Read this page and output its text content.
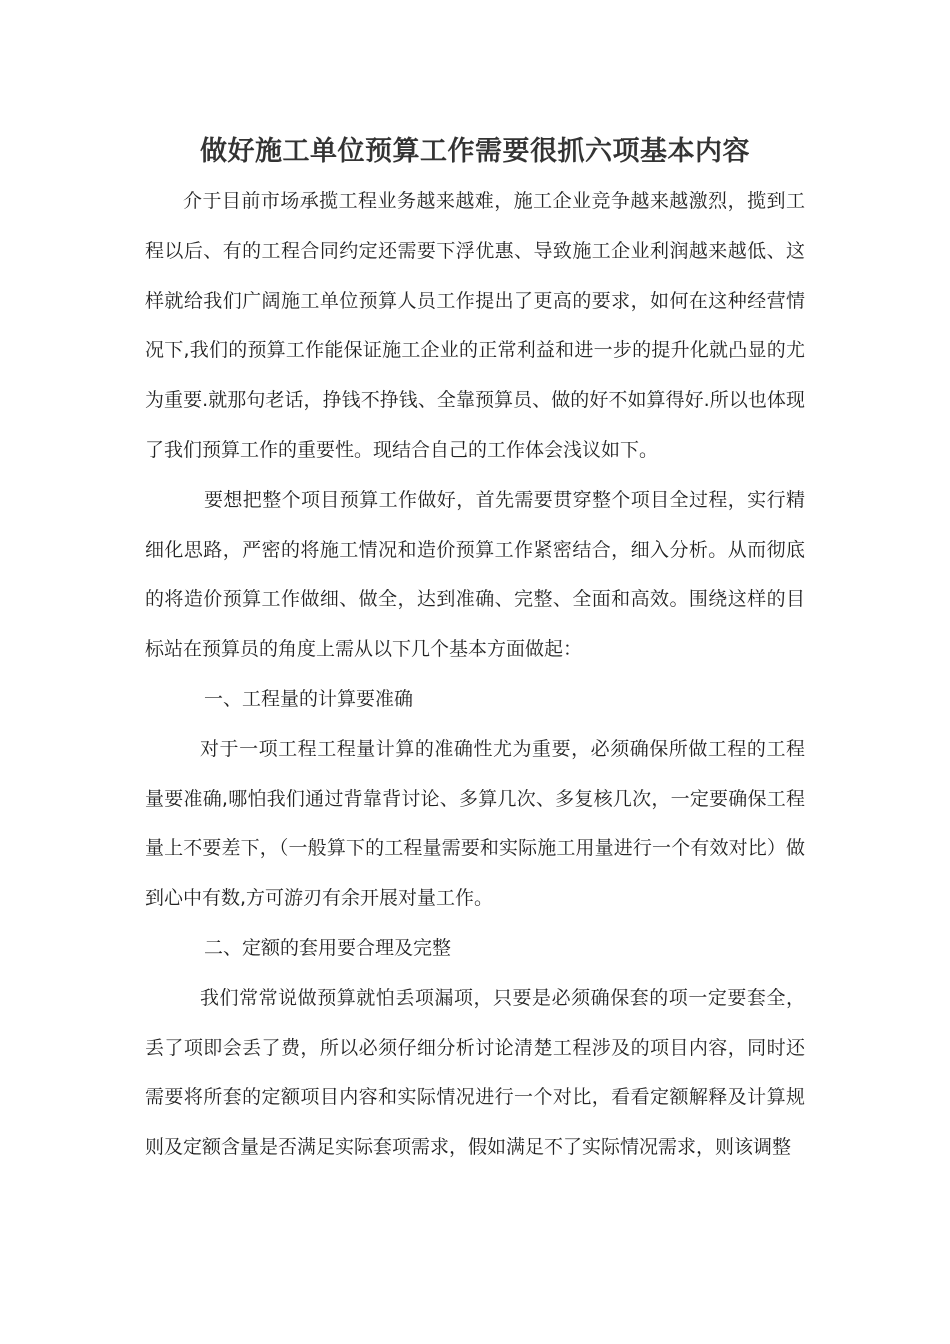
做好施工单位预算工作需要很抓六项基本内容

介于目前市场承揽工程业务越来越难，施工企业竞争越来越激烈，揽到工程以后、有的工程合同约定还需要下浮优惠、导致施工企业利润越来越低、这样就给我们广阔施工单位预算人员工作提出了更高的要求，如何在这种经营情况下,我们的预算工作能保证施工企业的正常利益和进一步的提升化就凸显的尤为重要.就那句老话，挣钱不挣钱、全靠预算员、做的好不如算得好.所以也体现了我们预算工作的重要性。现结合自己的工作体会浅议如下。

要想把整个项目预算工作做好，首先需要贯穿整个项目全过程，实行精细化思路，严密的将施工情况和造价预算工作紧密结合，细入分析。从而彻底的将造价预算工作做细、做全，达到准确、完整、全面和高效。围绕这样的目标站在预算员的角度上需从以下几个基本方面做起：

一、工程量的计算要准确

对于一项工程工程量计算的准确性尤为重要，必须确保所做工程的工程量要准确,哪怕我们通过背靠背讨论、多算几次、多复核几次，一定要确保工程量上不要差下，（一般算下的工程量需要和实际施工用量进行一个有效对比）做到心中有数,方可游刃有余开展对量工作。

二、定额的套用要合理及完整

我们常常说做预算就怕丢项漏项，只要是必须确保套的项一定要套全，丢了项即会丢了费，所以必须仔细分析讨论清楚工程涉及的项目内容，同时还需要将所套的定额项目内容和实际情况进行一个对比，看看定额解释及计算规则及定额含量是否满足实际套项需求，假如满足不了实际情况需求，则该调整
